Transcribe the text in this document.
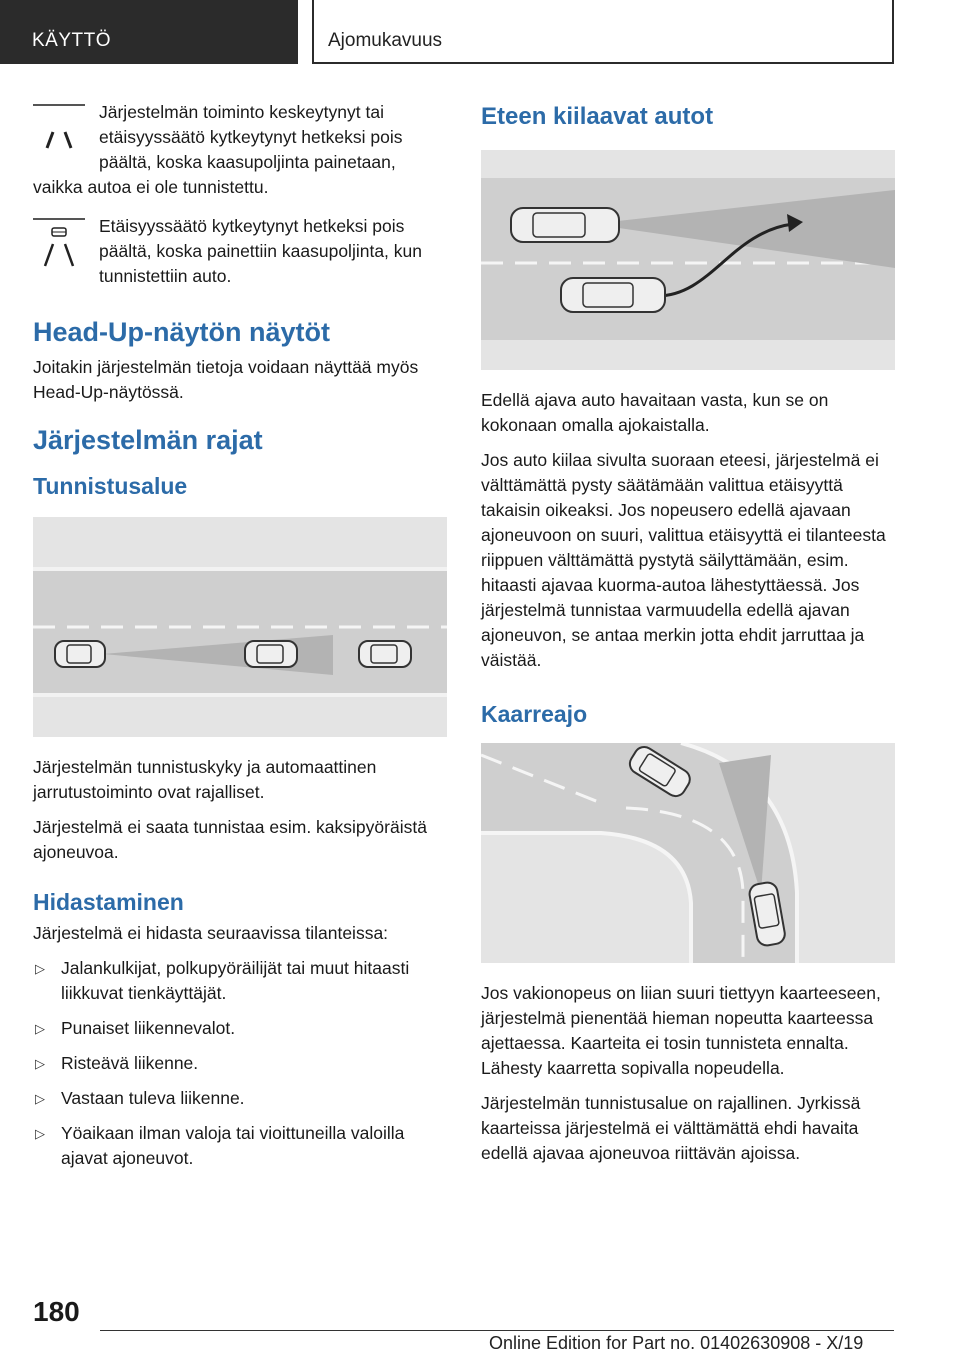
KÄYTTÖ	Ajomukavuus

Järjestelmän toiminto keskeytynyt tai etäisyyssäätö kytkeytynyt hetkeksi pois päältä, koska kaasupoljinta painetaan, vaikka autoa ei ole tunnistettu.

Etäisyyssäätö kytkeytynyt hetkeksi pois päältä, koska painettiin kaasupoljinta, kun tunnistettiin auto.

Head-Up-näytön näytöt

Joitakin järjestelmän tietoja voidaan näyttää myös Head-Up-näytössä.

Järjestelmän rajat
Tunnistusalue

Järjestelmän tunnistuskyky ja automaattinen jarrutustoiminto ovat rajalliset.

Järjestelmä ei saata tunnistaa esim. kaksipyöräistä ajoneuvoa.

Hidastaminen

Järjestelmä ei hidasta seuraavissa tilanteissa:

▷ Jalankulkijat, polkupyöräilijät tai muut hitaasti liikkuvat tienkäyttäjät.
▷ Punaiset liikennevalot.
▷ Risteävä liikenne.
▷ Vastaan tuleva liikenne.
▷ Yöaikaan ilman valoja tai vioittuneilla valoilla ajavat ajoneuvot.
Eteen kiilaavat autot

Edellä ajava auto havaitaan vasta, kun se on kokonaan omalla ajokaistalla.

Jos auto kiilaa sivulta suoraan eteesi, järjestelmä ei välttämättä pysty säätämään valittua etäisyyttä takaisin oikeaksi. Jos nopeusero edellä ajavaan ajoneuvoon on suuri, valittua etäisyyttä ei tilanteesta riippuen välttämättä pystytä säilyttämään, esim. hitaasti ajavaa kuorma-autoa lähestyttäessä. Jos järjestelmä tunnistaa varmuudella edellä ajavan ajoneuvon, se antaa merkin jotta ehdit jarruttaa ja väistää.

Kaarreajo

Jos vakionopeus on liian suuri tiettyyn kaarteeseen, järjestelmä pienentää hieman nopeutta kaarteessa ajettaessa. Kaarteita ei tosin tunnisteta ennalta. Lähesty kaarretta sopivalla nopeudella.

Järjestelmän tunnistusalue on rajallinen. Jyrkissä kaarteissa järjestelmä ei välttämättä ehdi havaita edellä ajavaa ajoneuvoa riittävän ajoissa.

180
Online Edition for Part no. 01402630908 - X/19
